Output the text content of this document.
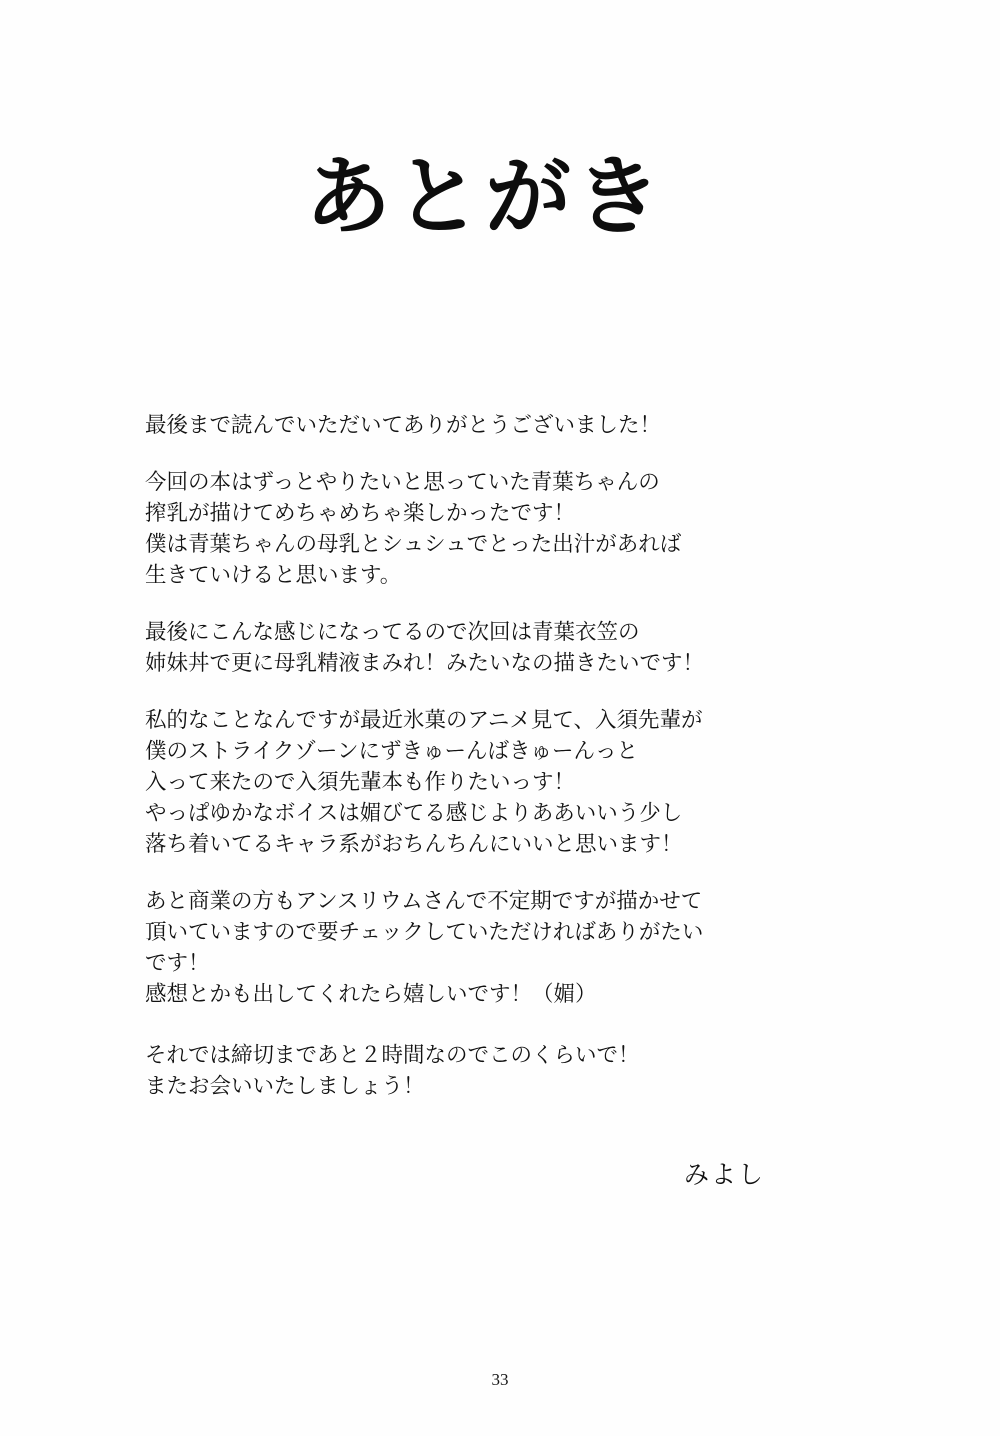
あとがき
最後まで読んでいただいてありがとうございました！
今回の本はずっとやりたいと思っていた青葉ちゃんの
搾乳が描けてめちゃめちゃ楽しかったです！
僕は青葉ちゃんの母乳とシュシュでとった出汁があれば
生きていけると思います。
最後にこんな感じになってるので次回は青葉衣笠の
姉妹丼で更に母乳精液まみれ！みたいなの描きたいです！
私的なことなんですが最近氷菓のアニメ見て、入須先輩が
僕のストライクゾーンにずきゅーんばきゅーんっと
入って来たので入須先輩本も作りたいっす！
やっぱゆかなボイスは媚びてる感じよりああいいう少し
落ち着いてるキャラ系がおちんちんにいいと思います！
あと商業の方もアンスリウムさんで不定期ですが描かせて
頂いていますので要チェックしていただければありがたい
です！
感想とかも出してくれたら嬉しいです！（媚）
それでは締切まであと２時間なのでこのくらいで！
またお会いいたしましょう！
みよし
33
